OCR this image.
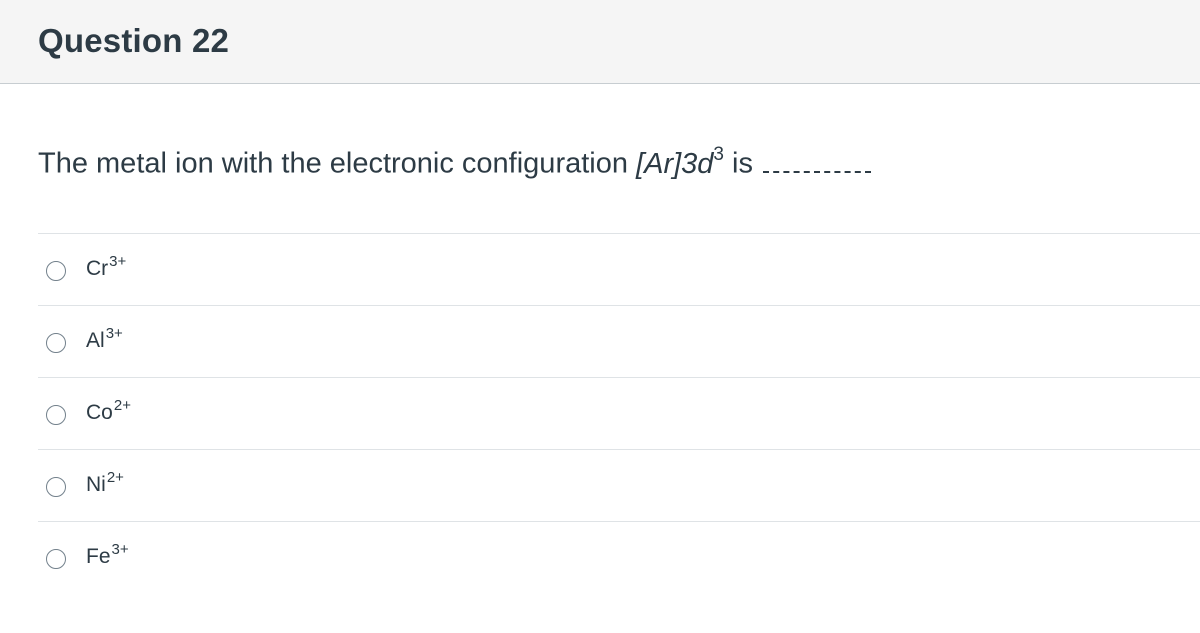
Question 22
The metal ion with the electronic configuration $[Ar]3d^3$ is
$Cr^{3+}$
$Al^{3+}$
$Co^{2+}$
$Ni^{2+}$
$Fe^{3+}$
